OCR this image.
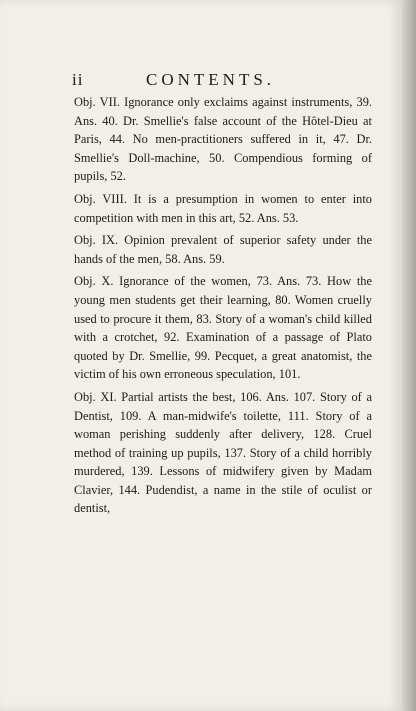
ii	CONTENTS.

Obj. VII. Ignorance only exclaims against instruments, 39. Ans. 40. Dr. Smellie's false account of the Hôtel-Dieu at Paris, 44. No men-practitioners suffered in it, 47. Dr. Smellie's Doll-machine, 50. Compendious forming of pupils, 52.

Obj. VIII. It is a presumption in women to enter into competition with men in this art, 52. Ans. 53.

Obj. IX. Opinion prevalent of superior safety under the hands of the men, 58. Ans. 59.

Obj. X. Ignorance of the women, 73. Ans. 73. How the young men students get their learning, 80. Women cruelly used to procure it them, 83. Story of a woman's child killed with a crotchet, 92. Examination of a passage of Plato quoted by Dr. Smellie, 99. Pecquet, a great anatomist, the victim of his own erroneous speculation, 101.

Obj. XI. Partial artists the best, 106. Ans. 107. Story of a Dentist, 109. A man-midwife's toilette, 111. Story of a woman perishing suddenly after delivery, 128. Cruel method of training up pupils, 137. Story of a child horribly murdered, 139. Lessons of midwifery given by Madam Clavier, 144. Pudendist, a name in the stile of oculist or dentist,
